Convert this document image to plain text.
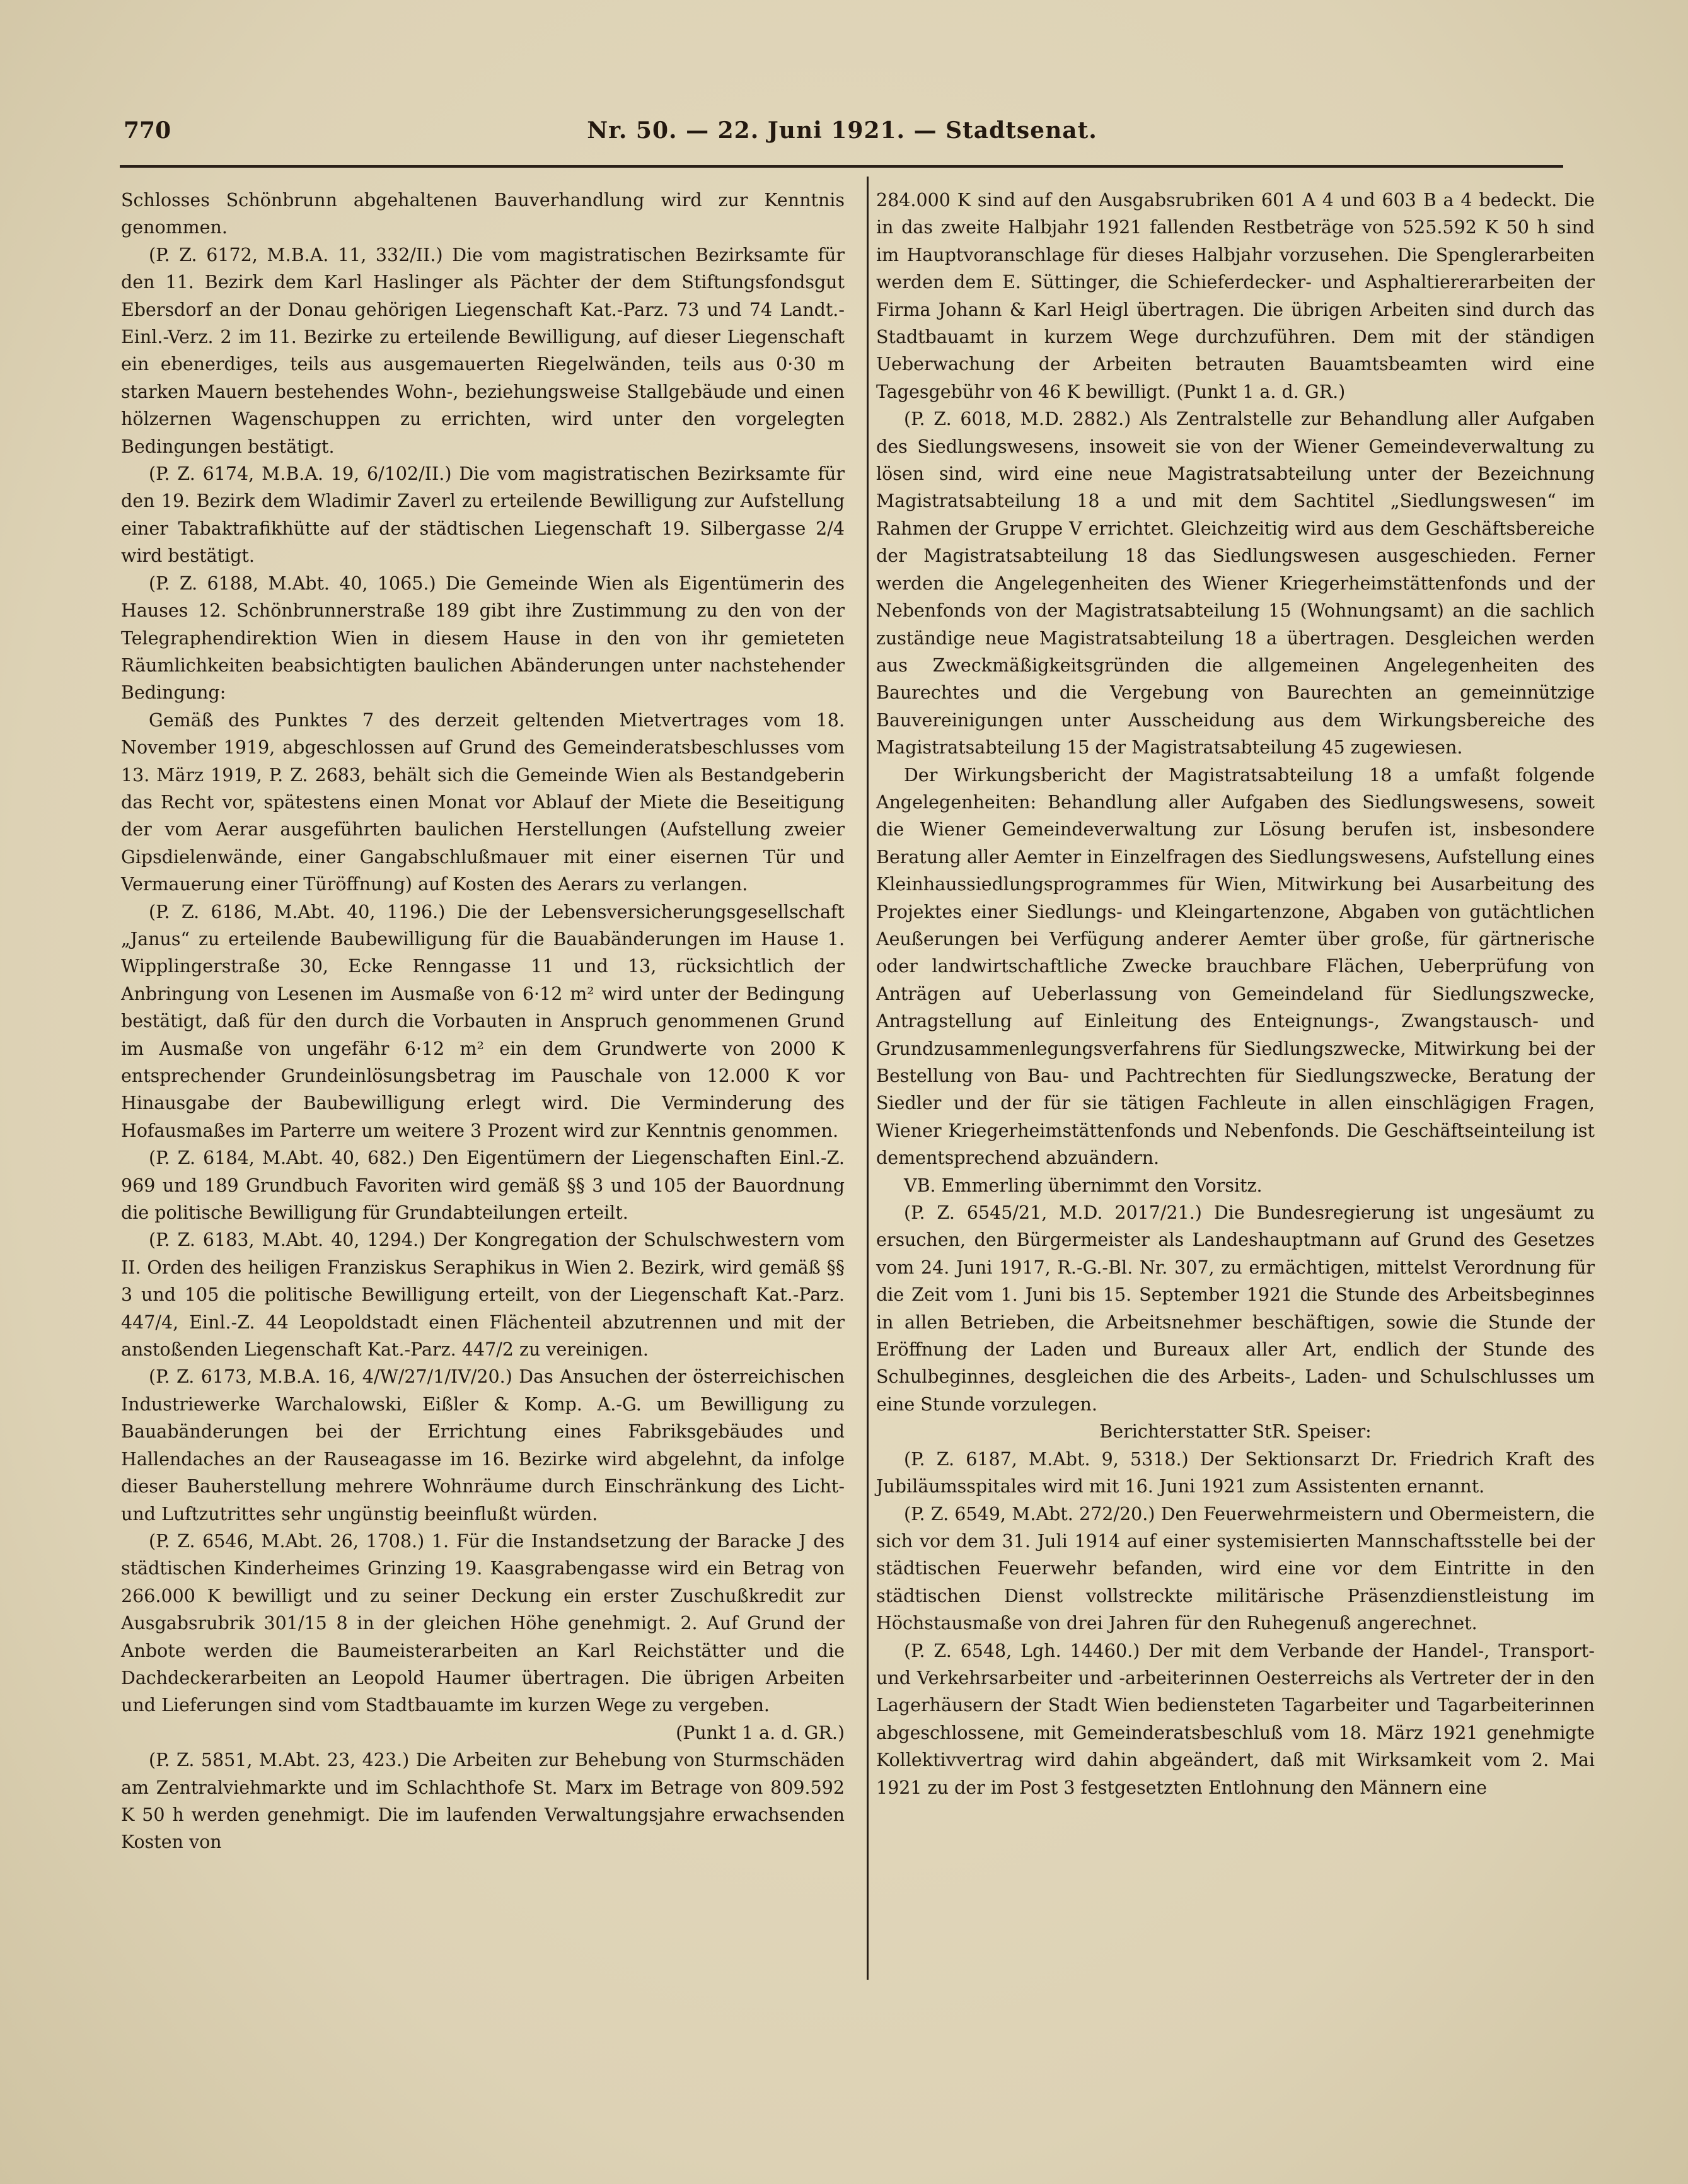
770	Nr. 50. — 22. Juni 1921. — Stadtsenat.

Schlosses Schönbrunn abgehaltenen Bauverhandlung wird zur Kenntnis genommen.

(P. Z. 6172, M.B.A. 11, 332/II.) Die vom magistratischen Bezirksamte für den 11. Bezirk dem Karl Haslinger als Pächter der dem Stiftungsfondsgut Ebersdorf an der Donau gehörigen Liegenschaft Kat.-Parz. 73 und 74 Landt.-Einl.-Verz. 2 im 11. Bezirke zu erteilende Bewilligung, auf dieser Liegenschaft ein ebenerdiges, teils aus ausgemauerten Riegelwänden, teils aus 0·30 m starken Mauern bestehendes Wohn-, beziehungsweise Stallgebäude und einen hölzernen Wagenschuppen zu errichten, wird unter den vorgelegten Bedingungen bestätigt.

(P. Z. 6174, M.B.A. 19, 6/102/II.) Die vom magistratischen Bezirksamte für den 19. Bezirk dem Wladimir Zaverl zu erteilende Bewilligung zur Aufstellung einer Tabaktrafikhütte auf der städtischen Liegenschaft 19. Silbergasse 2/4 wird bestätigt.

(P. Z. 6188, M.Abt. 40, 1065.) Die Gemeinde Wien als Eigentümerin des Hauses 12. Schönbrunnerstraße 189 gibt ihre Zustimmung zu den von der Telegraphendirektion Wien in diesem Hause in den von ihr gemieteten Räumlichkeiten beabsichtigten baulichen Abänderungen unter nachstehender Bedingung:

Gemäß des Punktes 7 des derzeit geltenden Mietvertrages vom 18. November 1919, abgeschlossen auf Grund des Gemeinderatsbeschlusses vom 13. März 1919, P. Z. 2683, behält sich die Gemeinde Wien als Bestandgeberin das Recht vor, spätestens einen Monat vor Ablauf der Miete die Beseitigung der vom Aerar ausgeführten baulichen Herstellungen (Aufstellung zweier Gipsdielenwände, einer Gangabschlußmauer mit einer eisernen Tür und Vermauerung einer Türöffnung) auf Kosten des Aerars zu verlangen.

(P. Z. 6186, M.Abt. 40, 1196.) Die der Lebensversicherungsgesellschaft „Janus“ zu erteilende Baubewilligung für die Bauabänderungen im Hause 1. Wipplingerstraße 30, Ecke Renngasse 11 und 13, rücksichtlich der Anbringung von Lesenen im Ausmaße von 6·12 m² wird unter der Bedingung bestätigt, daß für den durch die Vorbauten in Anspruch genommenen Grund im Ausmaße von ungefähr 6·12 m² ein dem Grundwerte von 2000 K entsprechender Grundeinlösungsbetrag im Pauschale von 12.000 K vor Hinausgabe der Baubewilligung erlegt wird. Die Verminderung des Hofausmaßes im Parterre um weitere 3 Prozent wird zur Kenntnis genommen.

(P. Z. 6184, M.Abt. 40, 682.) Den Eigentümern der Liegenschaften Einl.-Z. 969 und 189 Grundbuch Favoriten wird gemäß §§ 3 und 105 der Bauordnung die politische Bewilligung für Grundabteilungen erteilt.

(P. Z. 6183, M.Abt. 40, 1294.) Der Kongregation der Schulschwestern vom II. Orden des heiligen Franziskus Seraphikus in Wien 2. Bezirk, wird gemäß §§ 3 und 105 die politische Bewilligung erteilt, von der Liegenschaft Kat.-Parz. 447/4, Einl.-Z. 44 Leopoldstadt einen Flächenteil abzutrennen und mit der anstoßenden Liegenschaft Kat.-Parz. 447/2 zu vereinigen.

(P. Z. 6173, M.B.A. 16, 4/W/27/1/IV/20.) Das Ansuchen der österreichischen Industriewerke Warchalowski, Eißler & Komp. A.-G. um Bewilligung zu Bauabänderungen bei der Errichtung eines Fabriksgebäudes und Hallendaches an der Rauseagasse im 16. Bezirke wird abgelehnt, da infolge dieser Bauherstellung mehrere Wohnräume durch Einschränkung des Licht- und Luftzutrittes sehr ungünstig beeinflußt würden.

(P. Z. 6546, M.Abt. 26, 1708.) 1. Für die Instandsetzung der Baracke J des städtischen Kinderheimes Grinzing 19. Kaasgrabengasse wird ein Betrag von 266.000 K bewilligt und zu seiner Deckung ein erster Zuschußkredit zur Ausgabsrubrik 301/15 8 in der gleichen Höhe genehmigt. 2. Auf Grund der Anbote werden die Baumeisterarbeiten an Karl Reichstätter und die Dachdeckerarbeiten an Leopold Haumer übertragen. Die übrigen Arbeiten und Lieferungen sind vom Stadtbauamte im kurzen Wege zu vergeben.

(Punkt 1 a. d. GR.)

(P. Z. 5851, M.Abt. 23, 423.) Die Arbeiten zur Behebung von Sturmschäden am Zentralviehmarkte und im Schlachthofe St. Marx im Betrage von 809.592 K 50 h werden genehmigt. Die im laufenden Verwaltungsjahre erwachsenden Kosten von

284.000 K sind auf den Ausgabsrubriken 601 A 4 und 603 B a 4 bedeckt. Die in das zweite Halbjahr 1921 fallenden Restbeträge von 525.592 K 50 h sind im Hauptvoranschlage für dieses Halbjahr vorzusehen. Die Spenglerarbeiten werden dem E. Süttinger, die Schieferdecker- und Asphaltiererarbeiten der Firma Johann & Karl Heigl übertragen. Die übrigen Arbeiten sind durch das Stadtbauamt in kurzem Wege durchzuführen. Dem mit der ständigen Ueberwachung der Arbeiten betrauten Bauamtsbeamten wird eine Tagesgebühr von 46 K bewilligt. (Punkt 1 a. d. GR.)

(P. Z. 6018, M.D. 2882.) Als Zentralstelle zur Behandlung aller Aufgaben des Siedlungswesens, insoweit sie von der Wiener Gemeindeverwaltung zu lösen sind, wird eine neue Magistratsabteilung unter der Bezeichnung Magistratsabteilung 18 a und mit dem Sachtitel „Siedlungswesen“ im Rahmen der Gruppe V errichtet. Gleichzeitig wird aus dem Geschäftsbereiche der Magistratsabteilung 18 das Siedlungswesen ausgeschieden. Ferner werden die Angelegenheiten des Wiener Kriegerheimstättenfonds und der Nebenfonds von der Magistratsabteilung 15 (Wohnungsamt) an die sachlich zuständige neue Magistratsabteilung 18 a übertragen. Desgleichen werden aus Zweckmäßigkeitsgründen die allgemeinen Angelegenheiten des Baurechtes und die Vergebung von Baurechten an gemeinnützige Bauvereinigungen unter Ausscheidung aus dem Wirkungsbereiche des Magistratsabteilung 15 der Magistratsabteilung 45 zugewiesen.

Der Wirkungsbericht der Magistratsabteilung 18 a umfaßt folgende Angelegenheiten: Behandlung aller Aufgaben des Siedlungswesens, soweit die Wiener Gemeindeverwaltung zur Lösung berufen ist, insbesondere Beratung aller Aemter in Einzelfragen des Siedlungswesens, Aufstellung eines Kleinhaussiedlungsprogrammes für Wien, Mitwirkung bei Ausarbeitung des Projektes einer Siedlungs- und Kleingartenzone, Abgaben von gutächtlichen Aeußerungen bei Verfügung anderer Aemter über große, für gärtnerische oder landwirtschaftliche Zwecke brauchbare Flächen, Ueberprüfung von Anträgen auf Ueberlassung von Gemeindeland für Siedlungszwecke, Antragstellung auf Einleitung des Enteignungs-, Zwangstausch- und Grundzusammenlegungsverfahrens für Siedlungszwecke, Mitwirkung bei der Bestellung von Bau- und Pachtrechten für Siedlungszwecke, Beratung der Siedler und der für sie tätigen Fachleute in allen einschlägigen Fragen, Wiener Kriegerheimstättenfonds und Nebenfonds. Die Geschäftseinteilung ist dementsprechend abzuändern.

VB. Emmerling übernimmt den Vorsitz.

(P. Z. 6545/21, M.D. 2017/21.) Die Bundesregierung ist ungesäumt zu ersuchen, den Bürgermeister als Landeshauptmann auf Grund des Gesetzes vom 24. Juni 1917, R.-G.-Bl. Nr. 307, zu ermächtigen, mittelst Verordnung für die Zeit vom 1. Juni bis 15. September 1921 die Stunde des Arbeitsbeginnes in allen Betrieben, die Arbeitsnehmer beschäftigen, sowie die Stunde der Eröffnung der Laden und Bureaux aller Art, endlich der Stunde des Schulbeginnes, desgleichen die des Arbeits-, Laden- und Schulschlusses um eine Stunde vorzulegen.

Berichterstatter StR. Speiser:

(P. Z. 6187, M.Abt. 9, 5318.) Der Sektionsarzt Dr. Friedrich Kraft des Jubiläumsspitales wird mit 16. Juni 1921 zum Assistenten ernannt.

(P. Z. 6549, M.Abt. 272/20.) Den Feuerwehrmeistern und Obermeistern, die sich vor dem 31. Juli 1914 auf einer systemisierten Mannschaftsstelle bei der städtischen Feuerwehr befanden, wird eine vor dem Eintritte in den städtischen Dienst vollstreckte militärische Präsenzdienstleistung im Höchstausmaße von drei Jahren für den Ruhegenuß angerechnet.

(P. Z. 6548, Lgh. 14460.) Der mit dem Verbande der Handel-, Transport- und Verkehrsarbeiter und -arbeiterinnen Oesterreichs als Vertreter der in den Lagerhäusern der Stadt Wien bediensteten Tagarbeiter und Tagarbeiterinnen abgeschlossene, mit Gemeinderatsbeschluß vom 18. März 1921 genehmigte Kollektivvertrag wird dahin abgeändert, daß mit Wirksamkeit vom 2. Mai 1921 zu der im Post 3 festgesetzten Entlohnung den Männern eine
